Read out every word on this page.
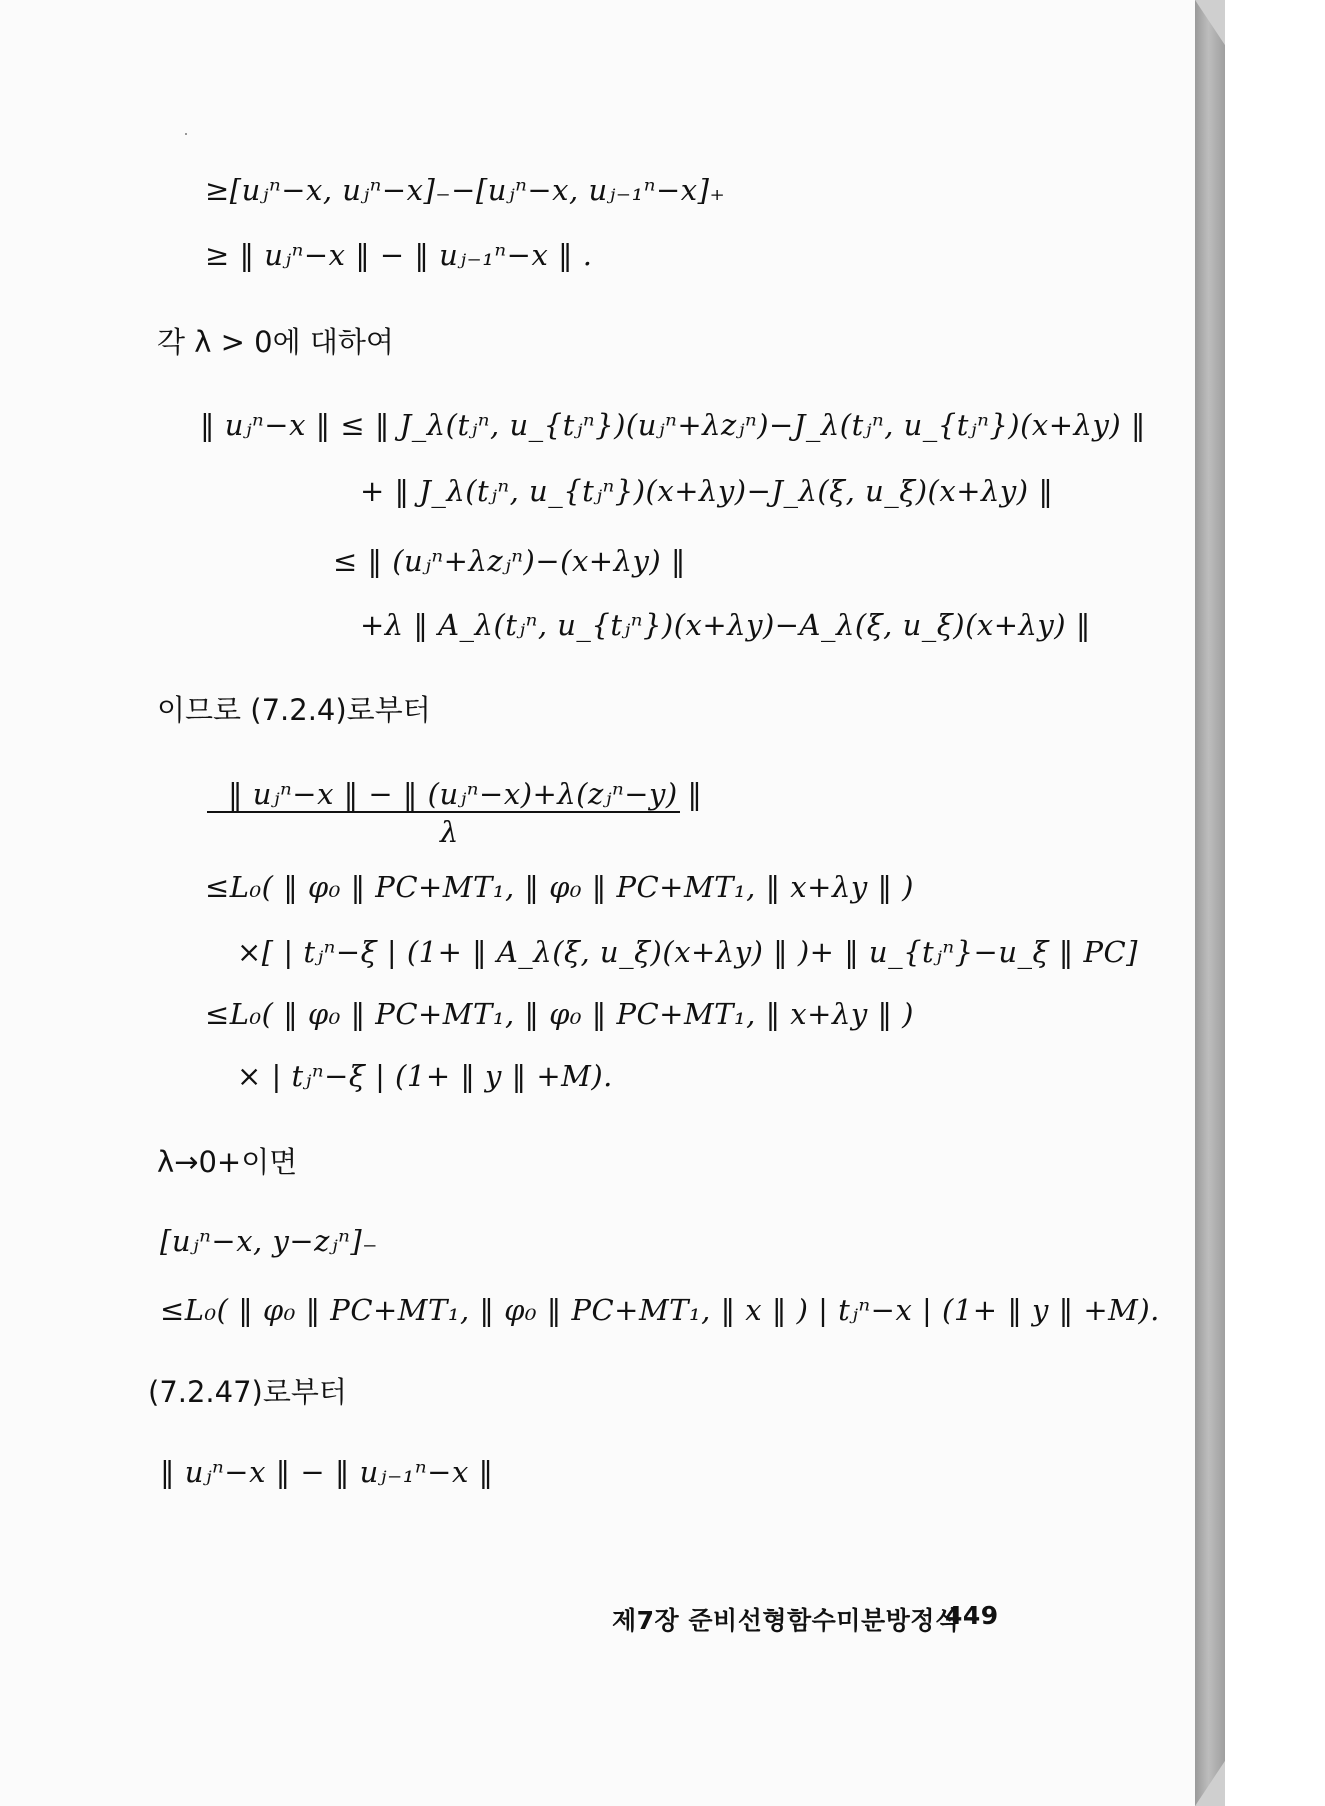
≥[uⱼⁿ−x, uⱼⁿ−x]₋−[uⱼⁿ−x, uⱼ₋₁ⁿ−x]₊
≥ ‖ uⱼⁿ−x ‖ − ‖ uⱼ₋₁ⁿ−x ‖ .
각 λ > 0에 대하여
‖ uⱼⁿ−x ‖ ≤ ‖ J_λ(tⱼⁿ, u_{tⱼⁿ})(uⱼⁿ+λzⱼⁿ)−J_λ(tⱼⁿ, u_{tⱼⁿ})(x+λy) ‖
+ ‖ J_λ(tⱼⁿ, u_{tⱼⁿ})(x+λy)−J_λ(ξ, u_ξ)(x+λy) ‖
≤ ‖ (uⱼⁿ+λzⱼⁿ)−(x+λy) ‖
+λ ‖ A_λ(tⱼⁿ, u_{tⱼⁿ})(x+λy)−A_λ(ξ, u_ξ)(x+λy) ‖
이므로 (7.2.4)로부터
‖ uⱼⁿ−x ‖ − ‖ (uⱼⁿ−x)+λ(zⱼⁿ−y) ‖
λ
≤L₀( ‖ φ₀ ‖ PC+MT₁, ‖ φ₀ ‖ PC+MT₁, ‖ x+λy ‖ )
×[ | tⱼⁿ−ξ | (1+ ‖ A_λ(ξ, u_ξ)(x+λy) ‖ )+ ‖ u_{tⱼⁿ}−u_ξ ‖ PC]
≤L₀( ‖ φ₀ ‖ PC+MT₁, ‖ φ₀ ‖ PC+MT₁, ‖ x+λy ‖ )
× | tⱼⁿ−ξ | (1+ ‖ y ‖ +M).
λ→0+이면
[uⱼⁿ−x, y−zⱼⁿ]₋
≤L₀( ‖ φ₀ ‖ PC+MT₁, ‖ φ₀ ‖ PC+MT₁, ‖ x ‖ ) | tⱼⁿ−x | (1+ ‖ y ‖ +M).
(7.2.47)로부터
‖ uⱼⁿ−x ‖ − ‖ uⱼ₋₁ⁿ−x ‖
제7장 준비선형함수미분방정식
449
